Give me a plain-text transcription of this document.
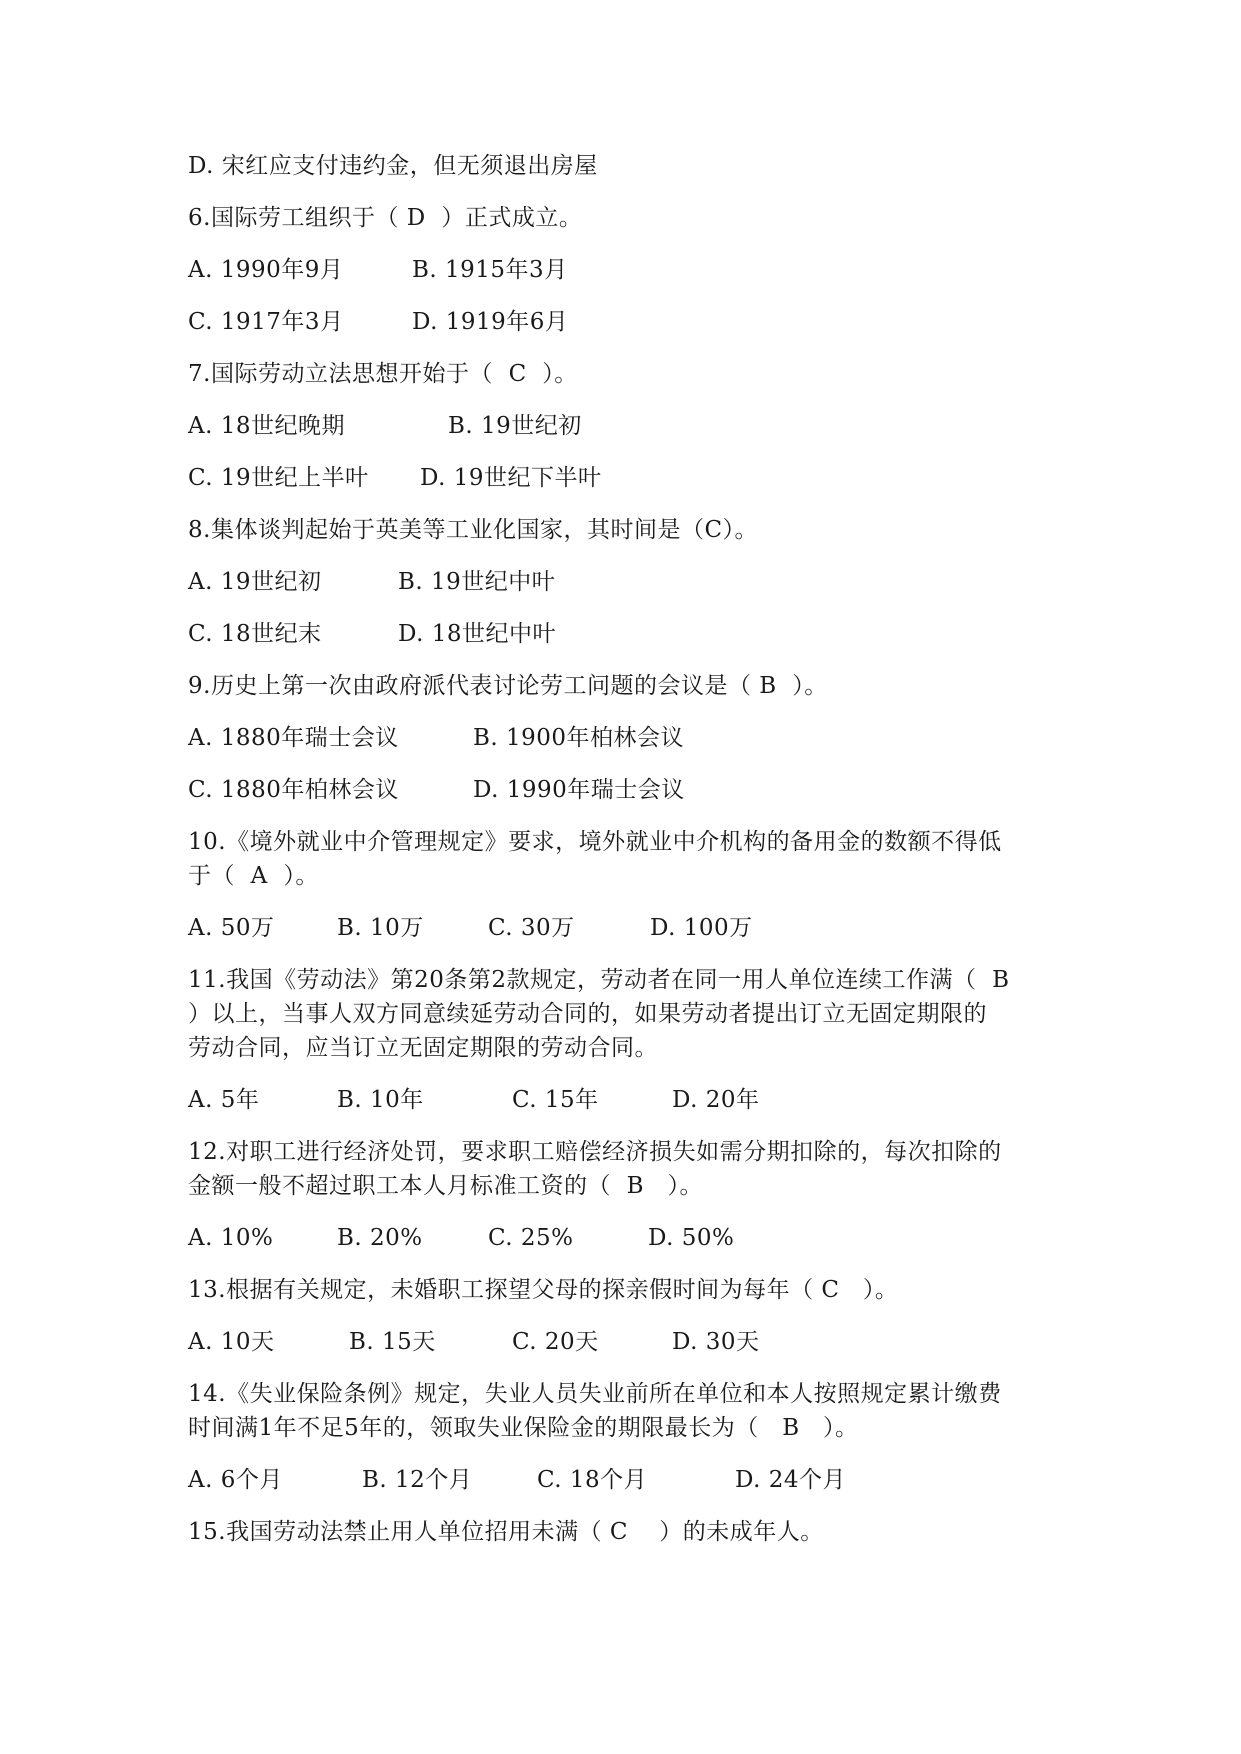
D. 宋红应支付违约金，但无须退出房屋
6.国际劳工组织于（ D  ）正式成立。
A. 1990年9月	B. 1915年3月
C. 1917年3月	D. 1919年6月
7.国际劳动立法思想开始于（  C  ）。
A. 18世纪晚期	B. 19世纪初
C. 19世纪上半叶 D. 19世纪下半叶
8.集体谈判起始于英美等工业化国家，其时间是（C）。
A. 19世纪初	B. 19世纪中叶
C. 18世纪末	D. 18世纪中叶
9.历史上第一次由政府派代表讨论劳工问题的会议是（ B  ）。
A. 1880年瑞士会议	B. 1900年柏林会议
C. 1880年柏林会议	D. 1990年瑞士会议
10.《境外就业中介管理规定》要求，境外就业中介机构的备用金的数额不得低
于（  A  ）。
A. 50万	B. 10万	C. 30万	D. 100万
11.我国《劳动法》第20条第2款规定，劳动者在同一用人单位连续工作满（  B
）以上，当事人双方同意续延劳动合同的，如果劳动者提出订立无固定期限的
劳动合同，应当订立无固定期限的劳动合同。
A. 5年	B. 10年	C. 15年	D. 20年
12.对职工进行经济处罚，要求职工赔偿经济损失如需分期扣除的，每次扣除的
金额一般不超过职工本人月标准工资的（  B   ）。
A. 10%	B. 20%	C. 25%	D. 50%
13.根据有关规定，未婚职工探望父母的探亲假时间为每年（ C   ）。
A. 10天	B. 15天	C. 20天	D. 30天
14.《失业保险条例》规定，失业人员失业前所在单位和本人按照规定累计缴费
时间满1年不足5年的，领取失业保险金的期限最长为（   B   ）。
A. 6个月	B. 12个月	C. 18个月	D. 24个月
15.我国劳动法禁止用人单位招用未满（ C    ）的未成年人。
